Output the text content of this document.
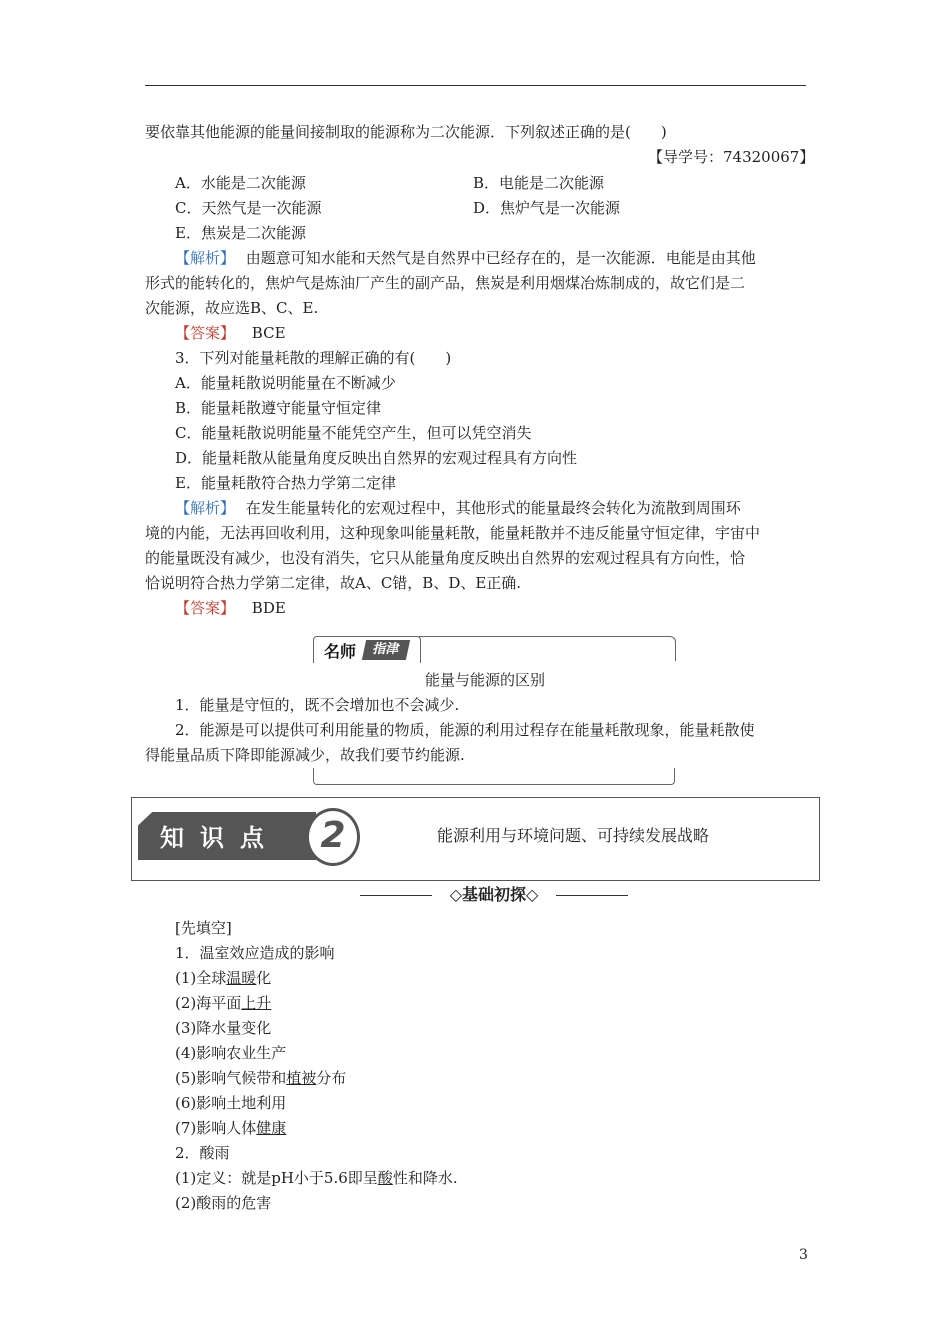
要依靠其他能源的能量间接制取的能源称为二次能源．下列叙述正确的是(　　)
【导学号：74320067】
A．水能是二次能源	B．电能是二次能源
C．天然气是一次能源	D．焦炉气是一次能源
E．焦炭是二次能源
【解析】 由题意可知水能和天然气是自然界中已经存在的，是一次能源．电能是由其他
形式的能转化的，焦炉气是炼油厂产生的副产品，焦炭是利用烟煤冶炼制成的，故它们是二
次能源，故应选B、C、E.
【答案】 BCE
3．下列对能量耗散的理解正确的有(　　)
A．能量耗散说明能量在不断减少
B．能量耗散遵守能量守恒定律
C．能量耗散说明能量不能凭空产生，但可以凭空消失
D．能量耗散从能量角度反映出自然界的宏观过程具有方向性
E．能量耗散符合热力学第二定律
【解析】 在发生能量转化的宏观过程中，其他形式的能量最终会转化为流散到周围环
境的内能，无法再回收利用，这种现象叫能量耗散，能量耗散并不违反能量守恒定律，宇宙中
的能量既没有减少，也没有消失，它只从能量角度反映出自然界的宏观过程具有方向性，恰
恰说明符合热力学第二定律，故A、C错，B、D、E正确.
【答案】 BDE
名师	指津
能量与能源的区别
1．能量是守恒的，既不会增加也不会减少.
2．能源是可以提供可利用能量的物质，能源的利用过程存在能量耗散现象，能量耗散使
得能量品质下降即能源减少，故我们要节约能源.
知识点	2	能源利用与环境问题、可持续发展战略
◇基础初探◇
[先填空]
1．温室效应造成的影响
(1)全球温暖化
(2)海平面上升
(3)降水量变化
(4)影响农业生产
(5)影响气候带和植被分布
(6)影响土地利用
(7)影响人体健康
2．酸雨
(1)定义：就是pH小于5.6即呈酸性和降水.
(2)酸雨的危害
3
